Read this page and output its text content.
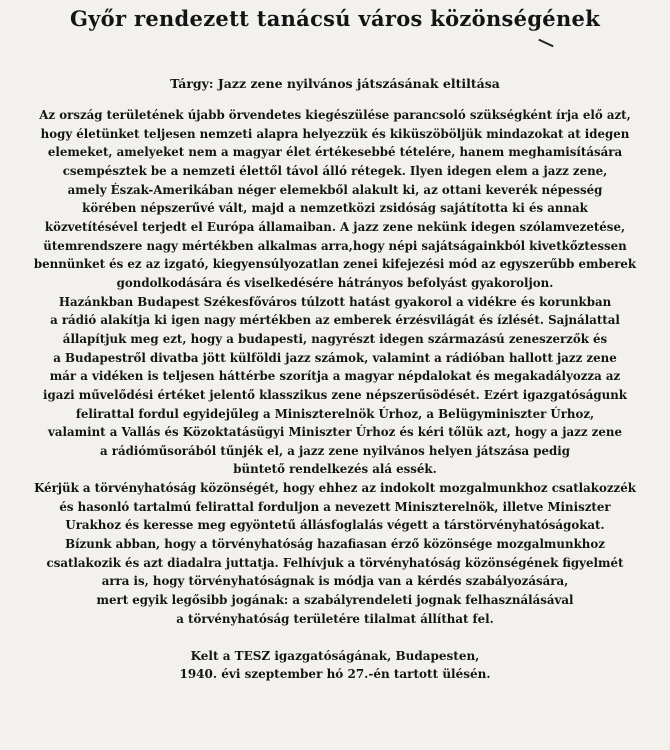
Győr rendezett tanácsú város közönségének
Tárgy: Jazz zene nyilvános játszásának eltiltása
Az ország területének újabb örvendetes kiegészülése parancsoló szükségként írja elő azt,
hogy életünket teljesen nemzeti alapra helyezzük és kiküszöböljük mindazokat at idegen
elemeket, amelyeket nem a magyar élet értékesebbé tételére, hanem meghamisítására
csempésztek be a nemzeti élettől távol álló rétegek. Ilyen idegen elem a jazz zene,
amely Észak-Amerikában néger elemekből alakult ki, az ottani keverék népesség
körében népszerűvé vált, majd a nemzetközi zsidóság sajátította ki és annak
közvetítésével terjedt el Európa államaiban. A jazz zene nekünk idegen szólamvezetése,
ütemrendszere nagy mértékben alkalmas arra,hogy népi sajátságainkból kivetkőztessen
bennünket és ez az izgató, kiegyensúlyozatlan zenei kifejezési mód az egyszerűbb emberek
gondolkodására és viselkedésére hátrányos befolyást gyakoroljon.
Hazánkban Budapest Székesfőváros túlzott hatást gyakorol a vidékre és korunkban
a rádió alakítja ki igen nagy mértékben az emberek érzésvilágát és ízlését. Sajnálattal
állapítjuk meg ezt, hogy a budapesti, nagyrészt idegen származású zeneszerzők és
a Budapestről divatba jött külföldi jazz számok, valamint a rádióban hallott jazz zene
már a vidéken is teljesen háttérbe szorítja a magyar népdalokat és megakadályozza az
igazi művelődési értéket jelentő klasszikus zene népszerűsödését. Ezért igazgatóságunk
felirattal fordul egyidejűleg a Miniszterelnök Úrhoz, a Belügyminiszter Úrhoz,
valamint a Vallás és Közoktatásügyi Miniszter Úrhoz és kéri tőlük azt, hogy a jazz zene
a rádióműsorából tűnjék el, a jazz zene nyilvános helyen játszása pedig
büntető rendelkezés alá essék.
Kérjük a törvényhatóság közönségét, hogy ehhez az indokolt mozgalmunkhoz csatlakozzék
és hasonló tartalmú felirattal forduljon a nevezett Miniszterelnök, illetve Miniszter
Urakhoz és keresse meg egyöntetű állásfoglalás végett a társtörvényhatóságokat.
Bízunk abban, hogy a törvényhatóság hazafiasan érző közönsége mozgalmunkhoz
csatlakozik és azt diadalra juttatja. Felhívjuk a törvényhatóság közönségének figyelmét
arra is, hogy törvényhatóságnak is módja van a kérdés szabályozására,
mert egyik legősibb jogának: a szabályrendeleti jognak felhasználásával
a törvényhatóság területére tilalmat állíthat fel.
Kelt a TESZ igazgatóságának, Budapesten,
1940. évi szeptember hó 27.-én tartott ülésén.
